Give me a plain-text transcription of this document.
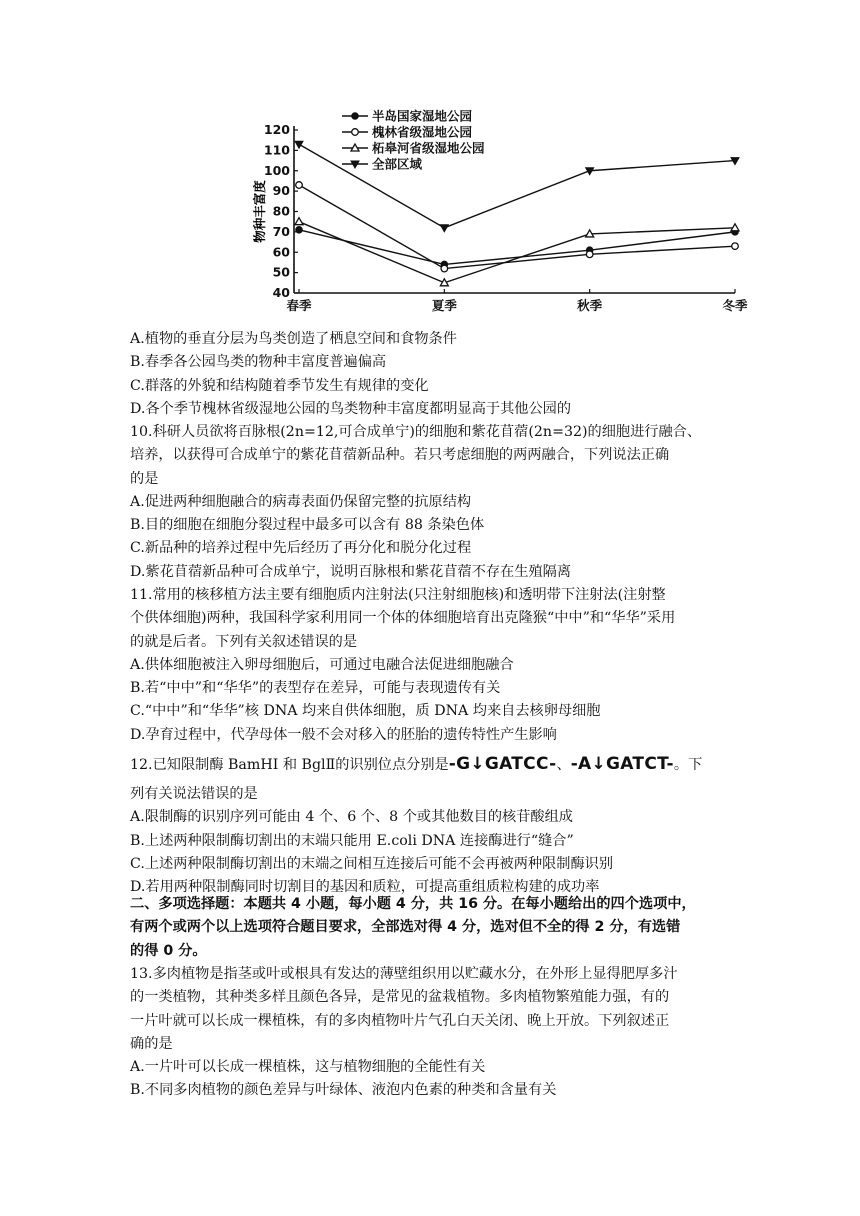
40
50
60
70
80
90
100
110
120
春季	夏季	秋季	冬季
半岛国家湿地公园
槐林省级湿地公园
柘皋河省级湿地公园
全部区域
物种丰富度
A.植物的垂直分层为鸟类创造了栖息空间和食物条件
B.春季各公园鸟类的物种丰富度普遍偏高
C.群落的外貌和结构随着季节发生有规律的变化
D.各个季节槐林省级湿地公园的鸟类物种丰富度都明显高于其他公园的
10.科研人员欲将百脉根(2n=12,可合成单宁)的细胞和紫花苜蓿(2n=32)的细胞进行融合、
培养，以获得可合成单宁的紫花苜蓿新品种。若只考虑细胞的两两融合，下列说法正确
的是
A.促进两种细胞融合的病毒表面仍保留完整的抗原结构
B.目的细胞在细胞分裂过程中最多可以含有 88 条染色体
C.新品种的培养过程中先后经历了再分化和脱分化过程
D.紫花苜蓿新品种可合成单宁，说明百脉根和紫花苜蓿不存在生殖隔离
11.常用的核移植方法主要有细胞质内注射法(只注射细胞核)和透明带下注射法(注射整
个供体细胞)两种，我国科学家利用同一个体的体细胞培育出克隆猴“中中”和“华华”采用
的就是后者。下列有关叙述错误的是
A.供体细胞被注入卵母细胞后，可通过电融合法促进细胞融合
B.若“中中”和“华华”的表型存在差异，可能与表现遗传有关
C.“中中”和“华华”核 DNA 均来自供体细胞，质 DNA 均来自去核卵母细胞
D.孕育过程中，代孕母体一般不会对移入的胚胎的遗传特性产生影响
12.已知限制酶 BamHI 和 BglⅡ的识别位点分别是-G↓GATCC-、-A↓GATCT-。下
列有关说法错误的是
A.限制酶的识别序列可能由 4 个、6 个、8 个或其他数目的核苷酸组成
B.上述两种限制酶切割出的末端只能用 E.coli DNA 连接酶进行“缝合”
C.上述两种限制酶切割出的末端之间相互连接后可能不会再被两种限制酶识别
D.若用两种限制酶同时切割目的基因和质粒，可提高重组质粒构建的成功率
二、多项选择题：本题共 4 小题，每小题 4 分，共 16 分。在每小题给出的四个选项中，
有两个或两个以上选项符合题目要求，全部选对得 4 分，选对但不全的得 2 分，有选错
的得 0 分。
13.多肉植物是指茎或叶或根具有发达的薄壁组织用以贮藏水分，在外形上显得肥厚多汁
的一类植物，其种类多样且颜色各异，是常见的盆栽植物。多肉植物繁殖能力强，有的
一片叶就可以长成一棵植株，有的多肉植物叶片气孔白天关闭、晚上开放。下列叙述正
确的是
A.一片叶可以长成一棵植株，这与植物细胞的全能性有关
B.不同多肉植物的颜色差异与叶绿体、液泡内色素的种类和含量有关
